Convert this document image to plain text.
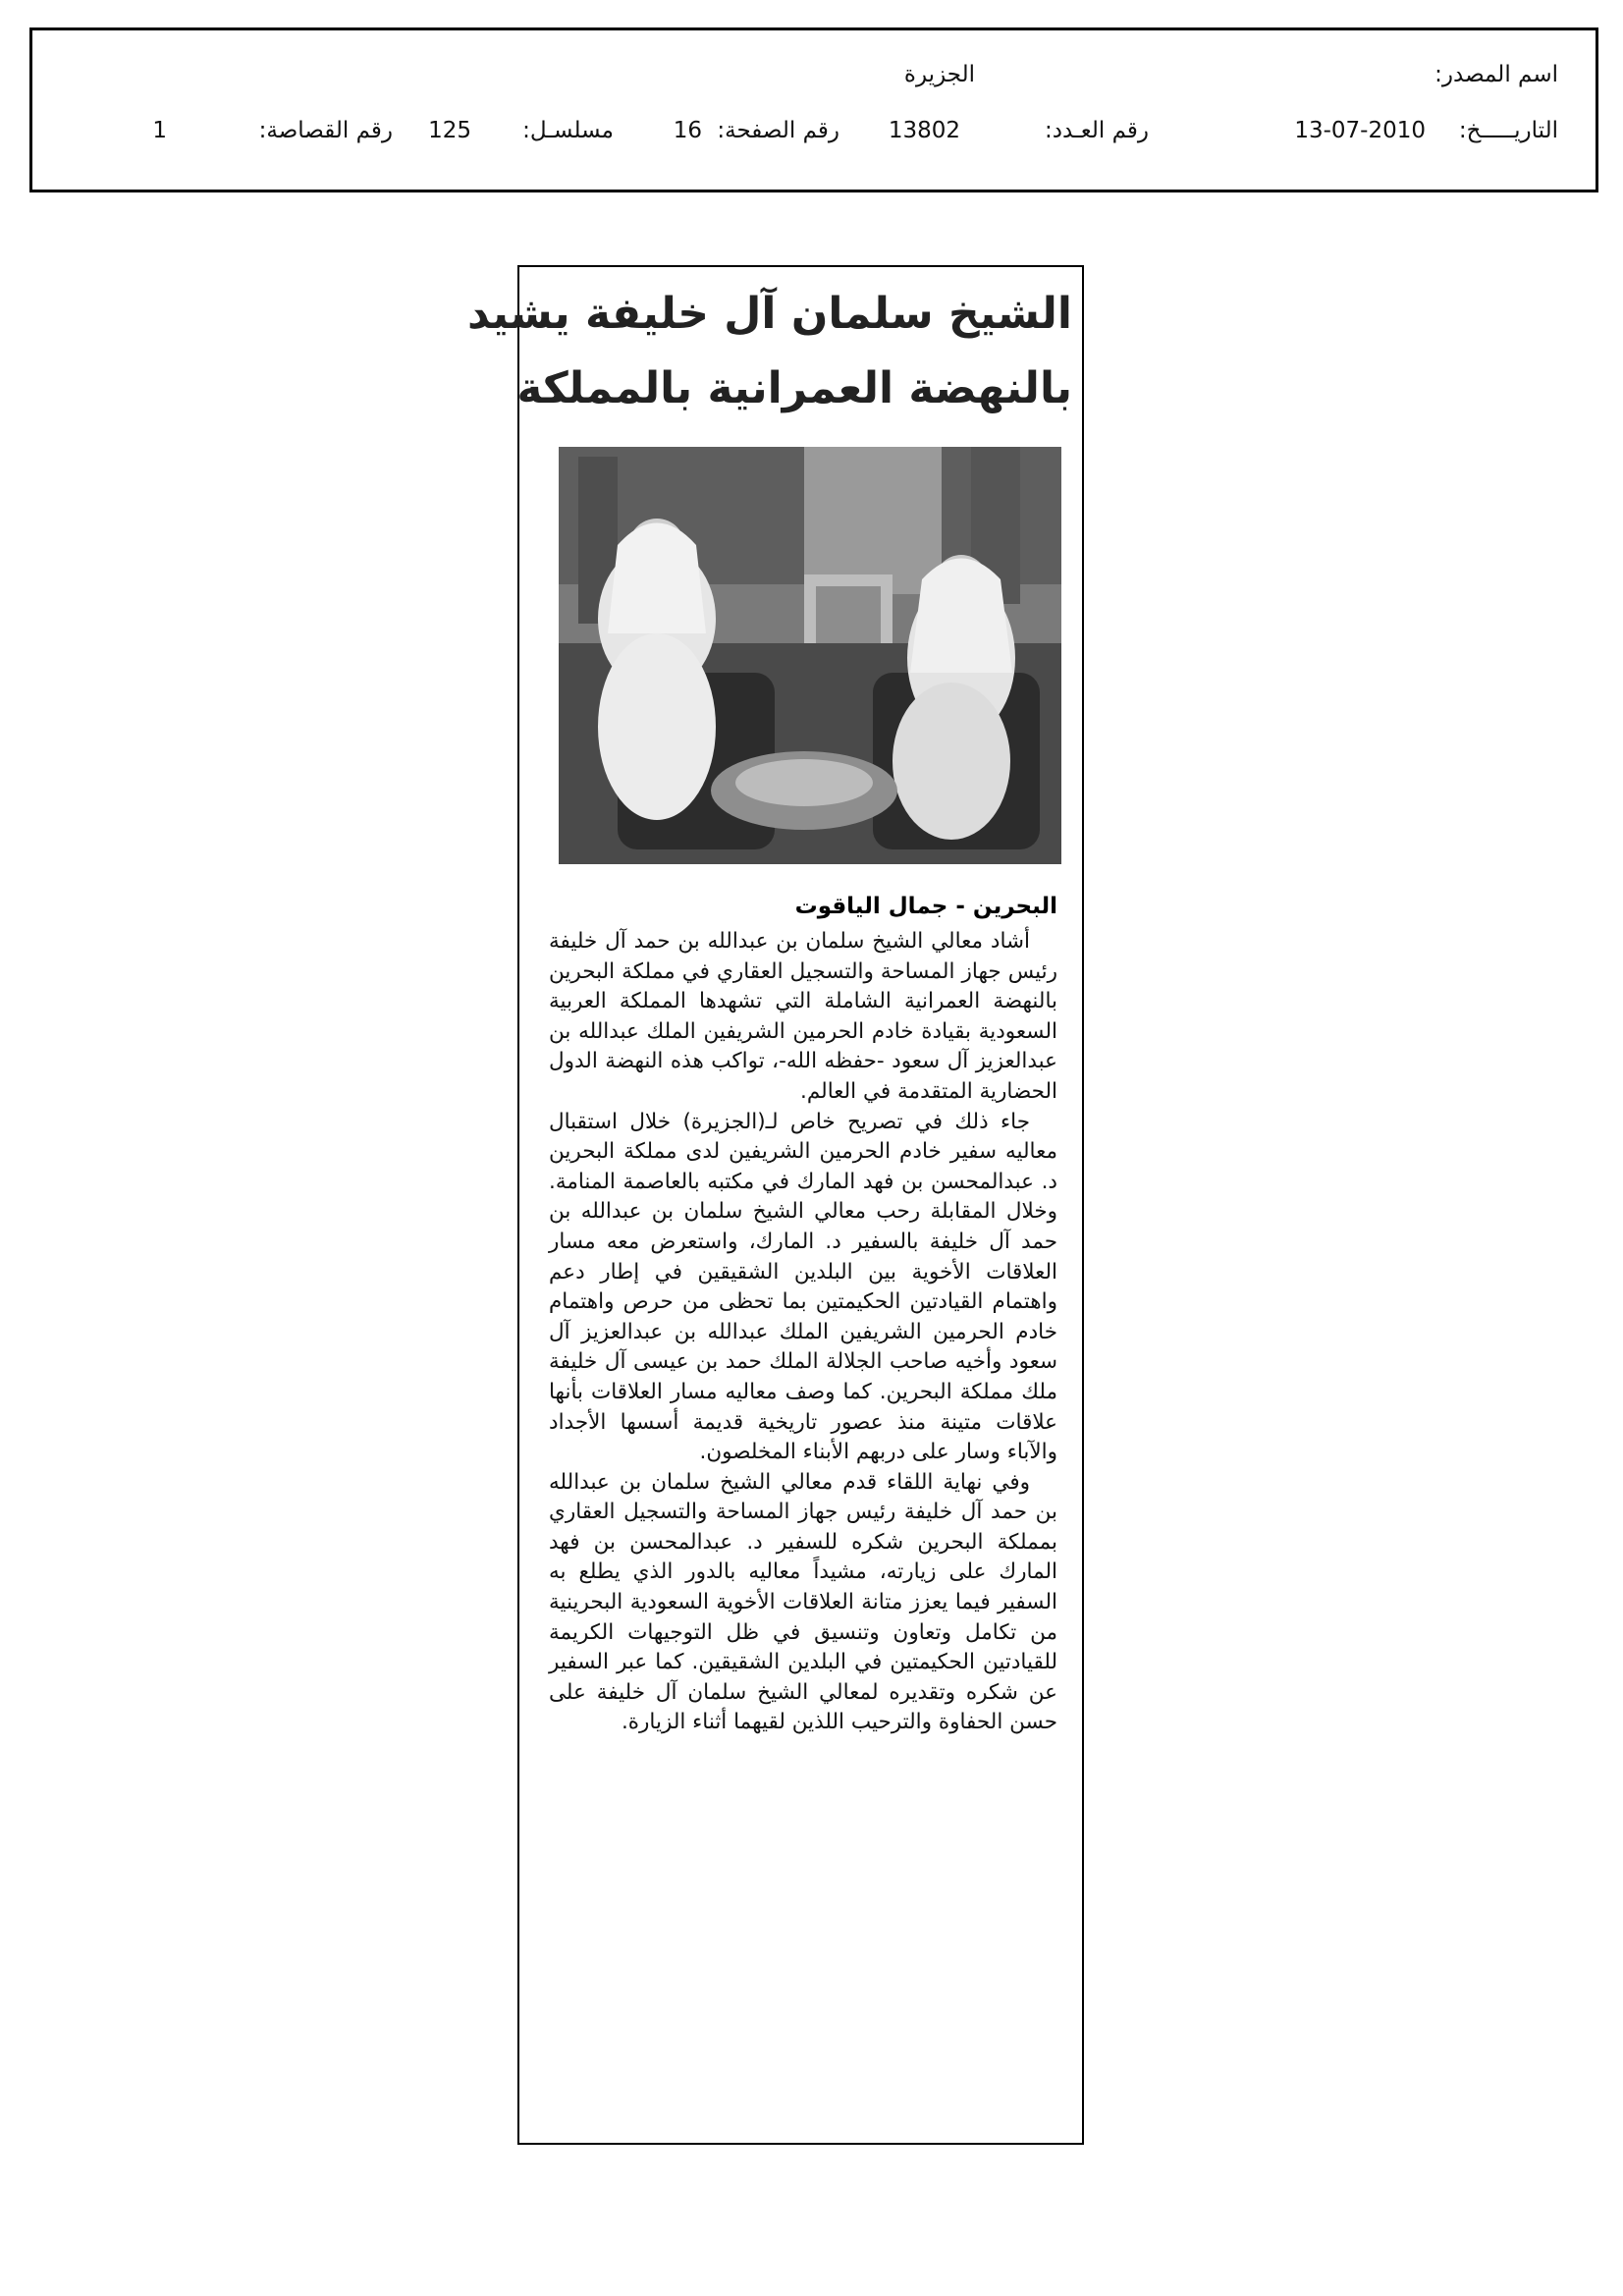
اسم المصدر:
الجزيرة
التاريـــــخ:
13-07-2010
رقم العـدد:
13802
رقم الصفحة:
16
مسلسـل:
125
رقم القصاصة:
1
الشيخ سلمان آل خليفة يشيد
بالنهضة العمرانية بالمملكة
البحرين - جمال الياقوت

أشاد معالي الشيخ سلمان بن عبدالله بن حمد آل خليفة رئيس جهاز المساحة والتسجيل العقاري في مملكة البحرين بالنهضة العمرانية الشاملة التي تشهدها المملكة العربية السعودية بقيادة خادم الحرمين الشريفين الملك عبدالله بن عبدالعزيز آل سعود -حفظه الله-، تواكب هذه النهضة الدول الحضارية المتقدمة في العالم.

جاء ذلك في تصريح خاص لـ(الجزيرة) خلال استقبال معاليه سفير خادم الحرمين الشريفين لدى مملكة البحرين د. عبدالمحسن بن فهد المارك في مكتبه بالعاصمة المنامة. وخلال المقابلة رحب معالي الشيخ سلمان بن عبدالله بن حمد آل خليفة بالسفير د. المارك، واستعرض معه مسار العلاقات الأخوية بين البلدين الشقيقين في إطار دعم واهتمام القيادتين الحكيمتين بما تحظى من حرص واهتمام خادم الحرمين الشريفين الملك عبدالله بن عبدالعزيز آل سعود وأخيه صاحب الجلالة الملك حمد بن عيسى آل خليفة ملك مملكة البحرين. كما وصف معاليه مسار العلاقات بأنها علاقات متينة منذ عصور تاريخية قديمة أسسها الأجداد والآباء وسار على دربهم الأبناء المخلصون.

وفي نهاية اللقاء قدم معالي الشيخ سلمان بن عبدالله بن حمد آل خليفة رئيس جهاز المساحة والتسجيل العقاري بمملكة البحرين شكره للسفير د. عبدالمحسن بن فهد المارك على زيارته، مشيداً معاليه بالدور الذي يطلع به السفير فيما يعزز متانة العلاقات الأخوية السعودية البحرينية من تكامل وتعاون وتنسيق في ظل التوجيهات الكريمة للقيادتين الحكيمتين في البلدين الشقيقين. كما عبر السفير عن شكره وتقديره لمعالي الشيخ سلمان آل خليفة على حسن الحفاوة والترحيب اللذين لقيهما أثناء الزيارة.
